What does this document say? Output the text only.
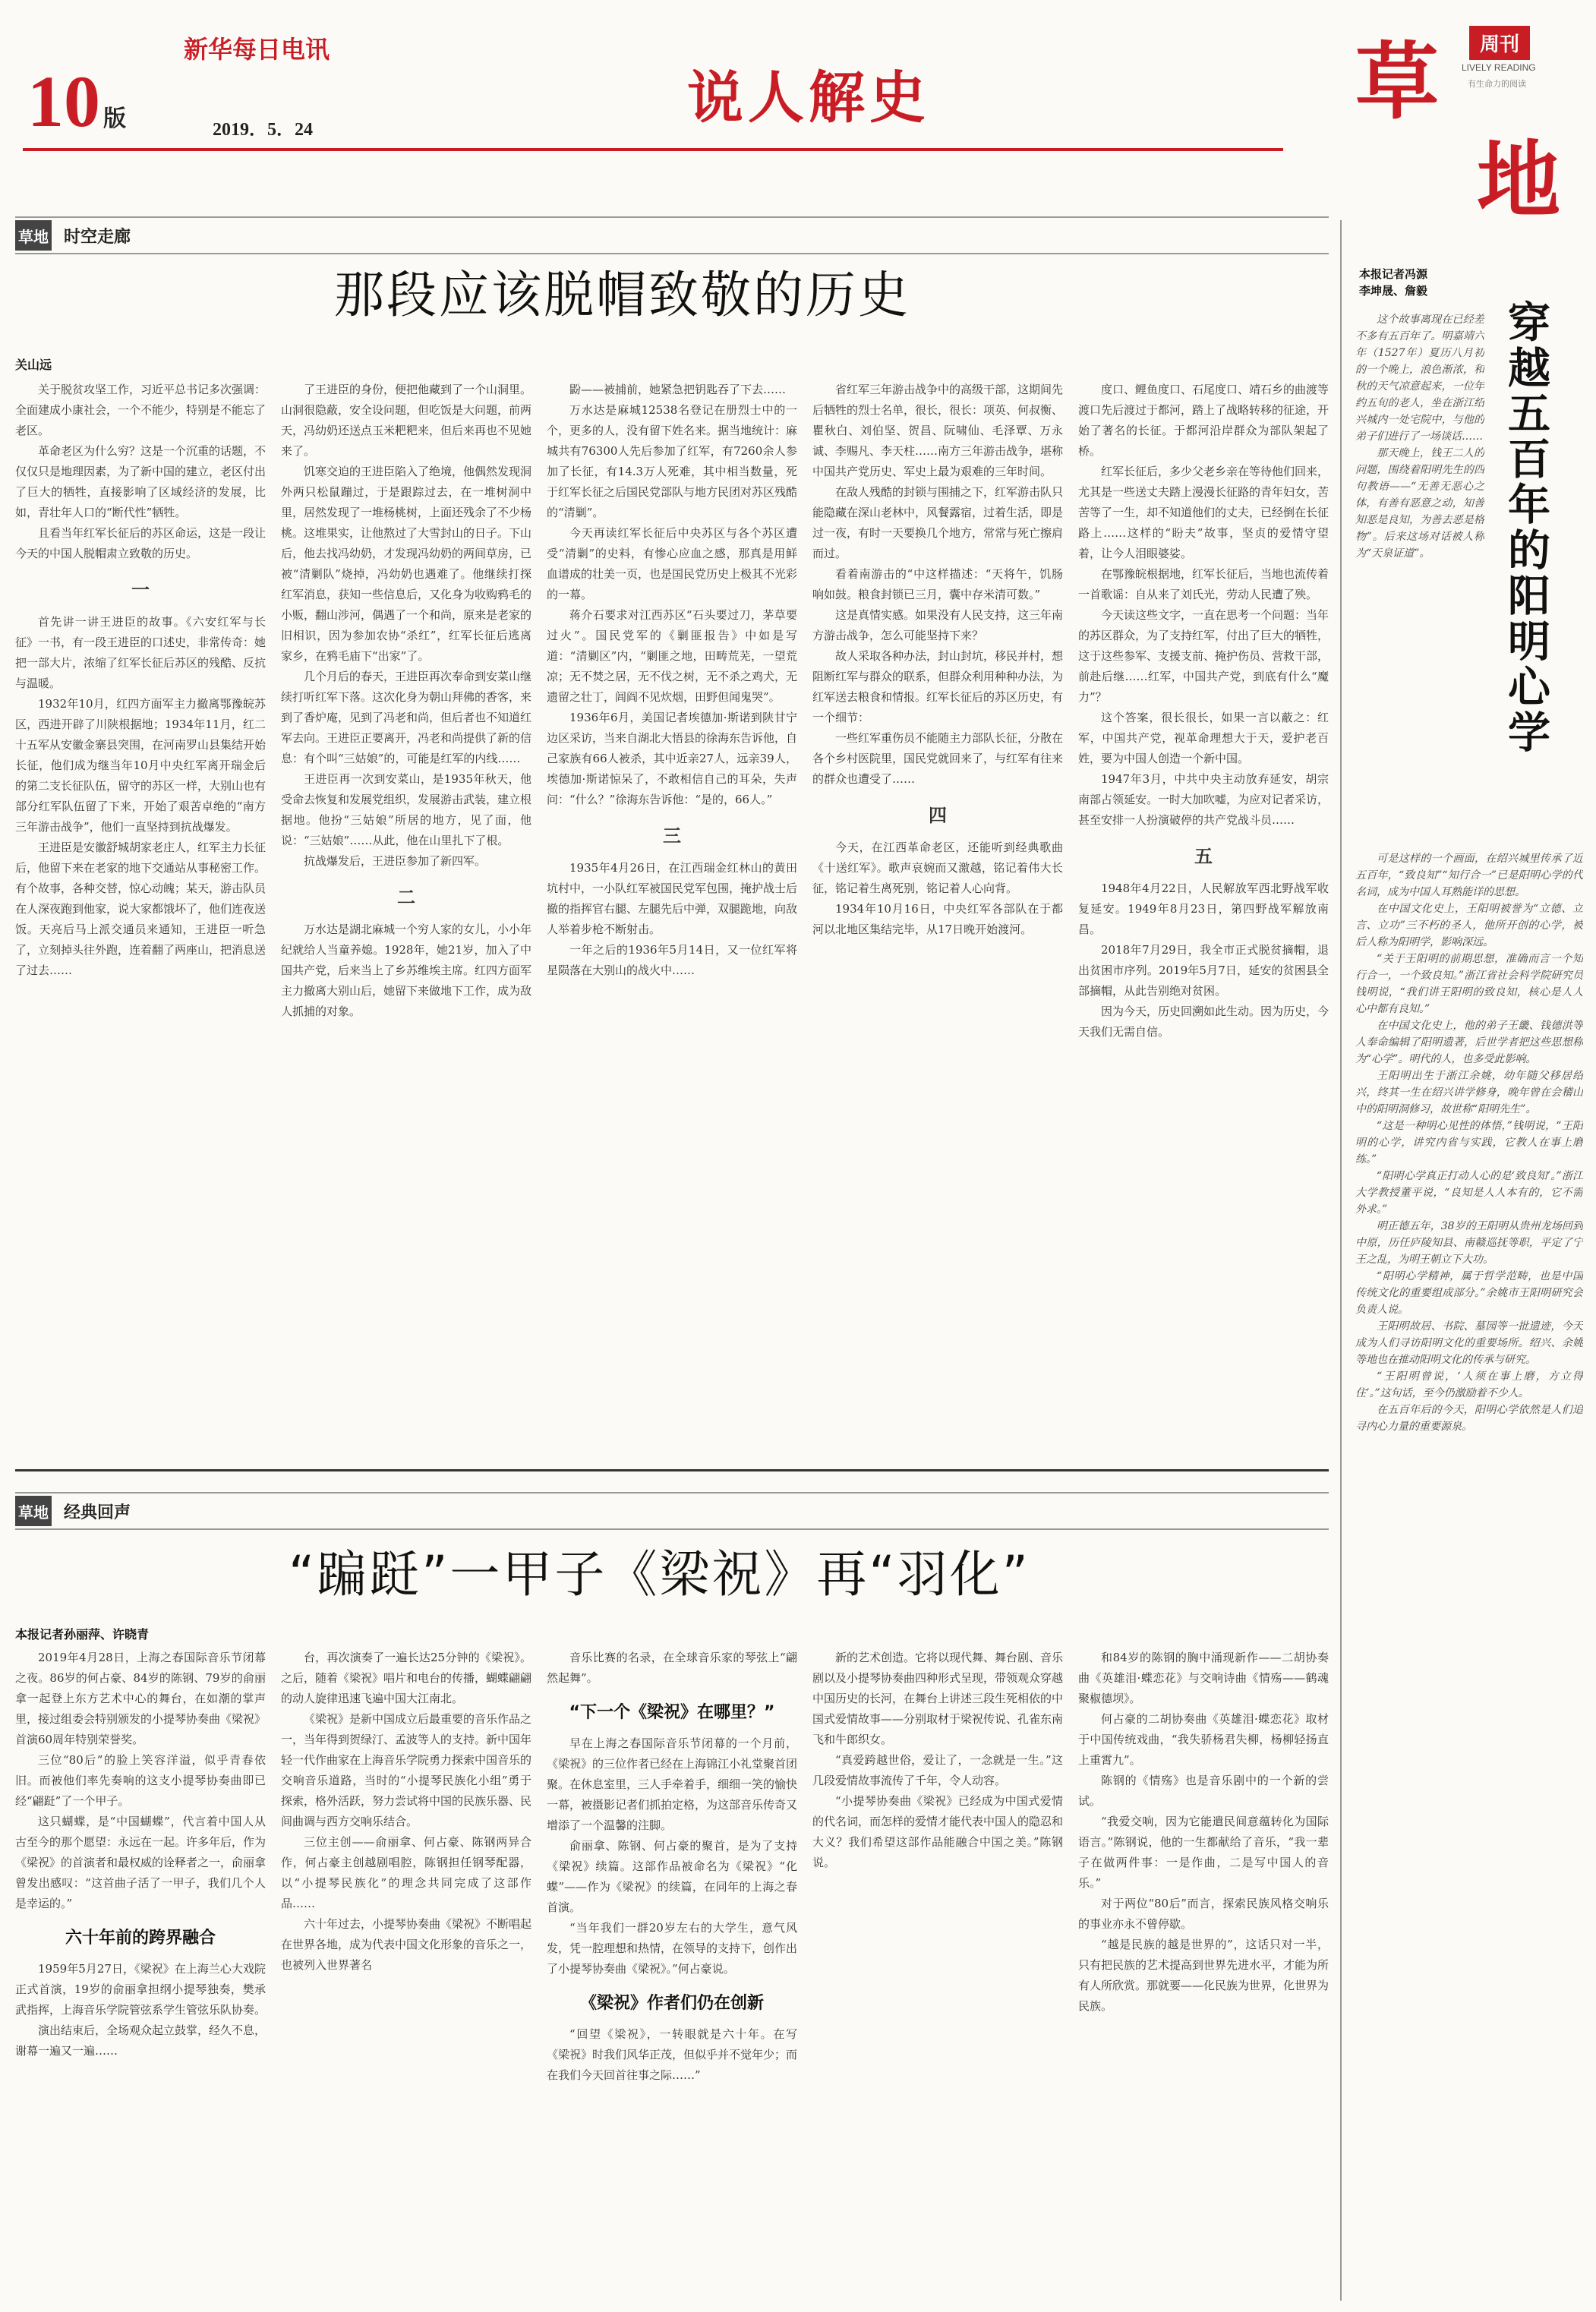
10 版
新华每日电讯
2019．5．24	说人解史	草	周刊
LIVELY READING
有生命力的阅读
地
草地 时空走廊
那段应该脱帽致敬的历史
关山远

关于脱贫攻坚工作，习近平总书记多次强调：全面建成小康社会，一个不能少，特别是不能忘了老区。

革命老区为什么穷？这是一个沉重的话题，不仅仅只是地理因素，为了新中国的建立，老区付出了巨大的牺牲，直接影响了区域经济的发展，比如，青壮年人口的“断代性”牺牲。

且看当年红军长征后的苏区命运，这是一段让今天的中国人脱帽肃立致敬的历史。

一

首先讲一讲王进臣的故事。《六安红军与长征》一书，有一段王进臣的口述史，非常传奇：她把一部大片，浓缩了红军长征后苏区的残酷、反抗与温暖。

1932年10月，红四方面军主力撤离鄂豫皖苏区，西进开辟了川陕根据地；1934年11月，红二十五军从安徽金寨县突围，在河南罗山县集结开始长征，他们成为继当年10月中央红军离开瑞金后的第二支长征队伍，留守的苏区一样，大别山也有部分红军队伍留了下来，开始了艰苦卓绝的“南方三年游击战争”，他们一直坚持到抗战爆发。

王进臣是安徽舒城胡家老庄人，红军主力长征后，他留下来在老家的地下交通站从事秘密工作。有个故事，各种交替，惊心动魄；某天，游击队员在人深夜跑到他家，说大家都饿坏了，他们连夜送饭。天亮后马上派交通员来通知，王进臣一听急了，立刻掉头往外跑，连着翻了两座山，把消息送了过去……

了王进臣的身份，便把他藏到了一个山洞里。山洞很隐蔽，安全设问题，但吃饭是大问题，前两天，冯幼奶还送点玉米粑粑来，但后来再也不见她来了。

饥寒交迫的王进臣陷入了绝境，他偶然发现洞外两只松鼠蹦过，于是跟踪过去，在一堆树洞中里，居然发现了一堆杨桃树，上面还残余了不少杨桃。这堆果实，让他熬过了大雪封山的日子。下山后，他去找冯幼奶，才发现冯幼奶的两间草房，已被“清剿队”烧掉，冯幼奶也遇难了。他继续打探红军消息，获知一些信息后，又化身为收购鸦毛的小贩，翻山涉河，偶遇了一个和尚，原来是老家的旧相识，因为参加农协“杀红”，红军长征后逃离家乡，在鸦毛庙下“出家”了。

几个月后的春天，王进臣再次奉命到安菜山继续打听红军下落。这次化身为朝山拜佛的香客，来到了香炉庵，见到了冯老和尚，但后者也不知道红军去向。王进臣正要离开，冯老和尚提供了新的信息：有个叫“三姑娘”的，可能是红军的内线……

王进臣再一次到安菜山，是1935年秋天，他受命去恢复和发展党组织，发展游击武装，建立根据地。他扮“三姑娘”所居的地方，见了面，他说：“三姑娘”……从此，他在山里扎下了根。

抗战爆发后，王进臣参加了新四军。

二

万水达是湖北麻城一个穷人家的女儿，小小年纪就给人当童养媳。1928年，她21岁，加入了中国共产党，后来当上了乡苏维埃主席。红四方面军主力撤离大别山后，她留下来做地下工作，成为敌人抓捕的对象。

鼢——被捕前，她紧急把钥匙吞了下去……

万水达是麻城12538名登记在册烈士中的一个，更多的人，没有留下姓名来。据当地统计：麻城共有76300人先后参加了红军，有7260余人参加了长征，有14.3万人死难，其中相当数量，死于红军长征之后国民党部队与地方民团对苏区残酷的“清剿”。

今天再读红军长征后中央苏区与各个苏区遭受“清剿”的史料，有惨心应血之感，那真是用鲜血谱成的壮美一页，也是国民党历史上极其不光彩的一幕。

蒋介石要求对江西苏区“石头要过刀，茅草要过火”。国民党军的《剿匪报告》中如是写道：“清剿区”内，“剿匪之地，田畴荒芜，一望荒凉；无不焚之居，无不伐之树，无不杀之鸡犬，无遗留之壮丁，闾阎不见炊烟，田野但闻鬼哭”。

1936年6月，美国记者埃德加·斯诺到陕甘宁边区采访，当来自湖北大悟县的徐海东告诉他，自己家族有66人被杀，其中近亲27人，远亲39人，埃德加·斯诺惊呆了，不敢相信自己的耳朵，失声问：“什么？”徐海东告诉他：“是的，66人。”

三

1935年4月26日，在江西瑞金红林山的黄田坑村中，一小队红军被国民党军包围，掩护战士后撤的指挥官右腿、左腿先后中弹，双腿跪地，向敌人举着步枪不断射击。

一年之后的1936年5月14日，又一位红军将星陨落在大别山的战火中……

省红军三年游击战争中的高级干部，这期间先后牺牲的烈士名单，很长，很长：项英、何叔衡、瞿秋白、刘伯坚、贺昌、阮啸仙、毛泽覃、万永诚、李赐凡、李天柱……南方三年游击战争，堪称中国共产党历史、军史上最为艰难的三年时间。

在敌人残酷的封锁与围捕之下，红军游击队只能隐藏在深山老林中，风餐露宿，过着生活，即是过一夜，有时一天要换几个地方，常常与死亡擦肩而过。

看着南游击的“中这样描述：“天将午，饥肠响如鼓。粮食封锁已三月，囊中存米清可数。”

这是真情实感。如果没有人民支持，这三年南方游击战争，怎么可能坚持下来？

故人采取各种办法，封山封坑，移民并村，想阻断红军与群众的联系，但群众利用种种办法，为红军送去粮食和情报。红军长征后的苏区历史，有一个细节：

一些红军重伤员不能随主力部队长征，分散在各个乡村医院里，国民党就回来了，与红军有往来的群众也遭受了……

四

今天，在江西革命老区，还能听到经典歌曲《十送红军》。歌声哀婉而又激越，铭记着伟大长征，铭记着生离死别，铭记着人心向背。

1934年10月16日，中央红军各部队在于都河以北地区集结完毕，从17日晚开始渡河。

度口、鲤鱼度口、石尾度口、靖石乡的曲渡等渡口先后渡过于都河，踏上了战略转移的征途，开始了著名的长征。于都河沿岸群众为部队架起了桥。

红军长征后，多少父老乡亲在等待他们回来，尤其是一些送丈夫踏上漫漫长征路的青年妇女，苦苦等了一生，却不知道他们的丈夫，已经倒在长征路上……这样的“盼夫”故事，坚贞的爱情守望着，让今人泪眼婆娑。

在鄂豫皖根据地，红军长征后，当地也流传着一首歌谣：自从来了刘氏光，劳动人民遭了殃。

今天读这些文字，一直在思考一个问题：当年的苏区群众，为了支持红军，付出了巨大的牺牲，这于这些参军、支援支前、掩护伤员、营救干部，前赴后继……红军，中国共产党，到底有什么“魔力”？

这个答案，很长很长，如果一言以蔽之：红军，中国共产党，视革命理想大于天，爱护老百姓，要为中国人创造一个新中国。

1947年3月，中共中央主动放弃延安，胡宗南部占领延安。一时大加吹嘘，为应对记者采访，甚至安排一人扮演破停的共产党战斗员……

五

1948年4月22日，人民解放军西北野战军收复延安。1949年8月23日，第四野战军解放南昌。

2018年7月29日，我全市正式脱贫摘帽，退出贫困市序列。2019年5月7日，延安的贫困县全部摘帽，从此告别绝对贫困。

因为今天，历史回溯如此生动。因为历史，今天我们无需自信。

草地 经典回声
“蹁跹”一甲子《梁祝》再“羽化”
本报记者孙丽萍、许晓青

2019年4月28日，上海之春国际音乐节闭幕之夜。86岁的何占豪、84岁的陈钢、79岁的俞丽拿一起登上东方艺术中心的舞台，在如潮的掌声里，接过组委会特别颁发的小提琴协奏曲《梁祝》首演60周年特别荣誉奖。

三位“80后”的脸上笑容洋溢，似乎青春依旧。而被他们率先奏响的这支小提琴协奏曲即已经“翩跹”了一个甲子。

这只蝴蝶，是“中国蝴蝶”，代言着中国人从古至今的那个愿望：永远在一起。许多年后，作为《梁祝》的首演者和最权威的诠释者之一，俞丽拿曾发出感叹：“这首曲子活了一甲子，我们几个人是幸运的。”

六十年前的跨界融合

1959年5月27日，《梁祝》在上海兰心大戏院正式首演，19岁的俞丽拿担纲小提琴独奏，樊承武指挥，上海音乐学院管弦系学生管弦乐队协奏。

演出结束后，全场观众起立鼓掌，经久不息，谢幕一遍又一遍……

台，再次演奏了一遍长达25分钟的《梁祝》。之后，随着《梁祝》唱片和电台的传播，蝴蝶翩翩的动人旋律迅速飞遍中国大江南北。

《梁祝》是新中国成立后最重要的音乐作品之一，当年得到贺绿汀、孟波等人的支持。新中国年轻一代作曲家在上海音乐学院勇力探索中国音乐的交响音乐道路，当时的“小提琴民族化小组”勇于探索，格外活跃，努力尝试将中国的民族乐器、民间曲调与西方交响乐结合。

三位主创——俞丽拿、何占豪、陈钢两异合作，何占豪主创越剧唱腔，陈钢担任钢琴配器，以“小提琴民族化”的理念共同完成了这部作品……

六十年过去，小提琴协奏曲《梁祝》不断唱起在世界各地，成为代表中国文化形象的音乐之一，也被列入世界著名

音乐比赛的名录，在全球音乐家的琴弦上“翩然起舞”。

“下一个《梁祝》在哪里？”

早在上海之春国际音乐节闭幕的一个月前，《梁祝》的三位作者已经在上海锦江小礼堂聚首团聚。在休息室里，三人手牵着手，细细一笑的愉快一幕，被摄影记者们抓拍定格，为这部音乐传奇又增添了一个温馨的注脚。

俞丽拿、陈钢、何占豪的聚首，是为了支持《梁祝》续篇。这部作品被命名为《梁祝》“化蝶”——作为《梁祝》的续篇，在同年的上海之春首演。

“当年我们一群20岁左右的大学生，意气风发，凭一腔理想和热情，在领导的支持下，创作出了小提琴协奏曲《梁祝》。”何占豪说。

《梁祝》作者们仍在创新

“回望《梁祝》，一转眼就是六十年。在写《梁祝》时我们风华正茂，但似乎并不觉年少；而在我们今天回首往事之际……”

新的艺术创造。它将以现代舞、舞台剧、音乐剧以及小提琴协奏曲四种形式呈现，带领观众穿越中国历史的长河，在舞台上讲述三段生死相依的中国式爱情故事——分别取材于梁祝传说、孔雀东南飞和牛郎织女。

“真爱跨越世俗，爱让了，一念就是一生。”这几段爱情故事流传了千年，令人动容。

“小提琴协奏曲《梁祝》已经成为中国式爱情的代名词，而怎样的爱情才能代表中国人的隐忍和大义？我们希望这部作品能融合中国之美。”陈钢说。

和84岁的陈钢的胸中涌现新作——二胡协奏曲《英雄泪·蝶恋花》与交响诗曲《情殇——鹤魂聚椒德坝》。

何占豪的二胡协奏曲《英雄泪·蝶恋花》取材于中国传统戏曲，“我失骄杨君失柳，杨柳轻扬直上重霄九”。

陈钢的《情殇》也是音乐剧中的一个新的尝试。

“我爱交响，因为它能遣民间意蕴转化为国际语言。”陈钢说，他的一生都献给了音乐，“我一辈子在做两件事：一是作曲，二是写中国人的音乐。”

对于两位“80后”而言，探索民族风格交响乐的事业亦永不曾停歇。

“越是民族的越是世界的”，这话只对一半，只有把民族的艺术提高到世界先进水平，才能为所有人所欣赏。那就要——化民族为世界，化世界为民族。

本报记者冯源
李坤晟、詹毅
穿越五百年的阳明心学

这个故事离现在已经差不多有五百年了。明嘉靖六年（1527年）夏历八月初的一个晚上，浪色渐浓，和秋的天气凉意起来，一位年约五旬的老人，坐在浙江绍兴城内一处宅院中，与他的弟子们进行了一场谈话……

那天晚上，钱王二人的问题，围绕着阳明先生的四句教语——“无善无恶心之体，有善有恶意之动，知善知恶是良知，为善去恶是格物”。后来这场对话被人称为“天泉证道”。

可是这样的一个画面，在绍兴城里传承了近五百年，“致良知”“知行合一”已是阳明心学的代名词，成为中国人耳熟能详的思想。

在中国文化史上，王阳明被誉为“立德、立言、立功”三不朽的圣人，他所开创的心学，被后人称为阳明学，影响深远。

“关于王阳明的前期思想，准确而言一个知行合一，一个致良知。”浙江省社会科学院研究员钱明说，“我们讲王阳明的致良知，核心是人人心中都有良知。”

在中国文化史上，他的弟子王畿、钱德洪等人奉命编辑了阳明遗著，后世学者把这些思想称为“心学”。明代的人，也多受此影响。

王阳明出生于浙江余姚，幼年随父移居绍兴，终其一生在绍兴讲学修身，晚年曾在会稽山中的阳明洞修习，故世称“阳明先生”。

“这是一种明心见性的体悟，”钱明说，“王阳明的心学，讲究内省与实践，它教人在事上磨练。”

“阳明心学真正打动人心的是‘致良知’。”浙江大学教授董平说，“良知是人人本有的，它不需外求。”

明正德五年，38岁的王阳明从贵州龙场回到中原，历任庐陵知县、南赣巡抚等职，平定了宁王之乱，为明王朝立下大功。

“阳明心学精神，属于哲学范畴，也是中国传统文化的重要组成部分。”余姚市王阳明研究会负责人说。

王阳明故居、书院、墓园等一批遗迹，今天成为人们寻访阳明文化的重要场所。绍兴、余姚等地也在推动阳明文化的传承与研究。

“王阳明曾说，‘人须在事上磨，方立得住’。”这句话，至今仍激励着不少人。

在五百年后的今天，阳明心学依然是人们追寻内心力量的重要源泉。
